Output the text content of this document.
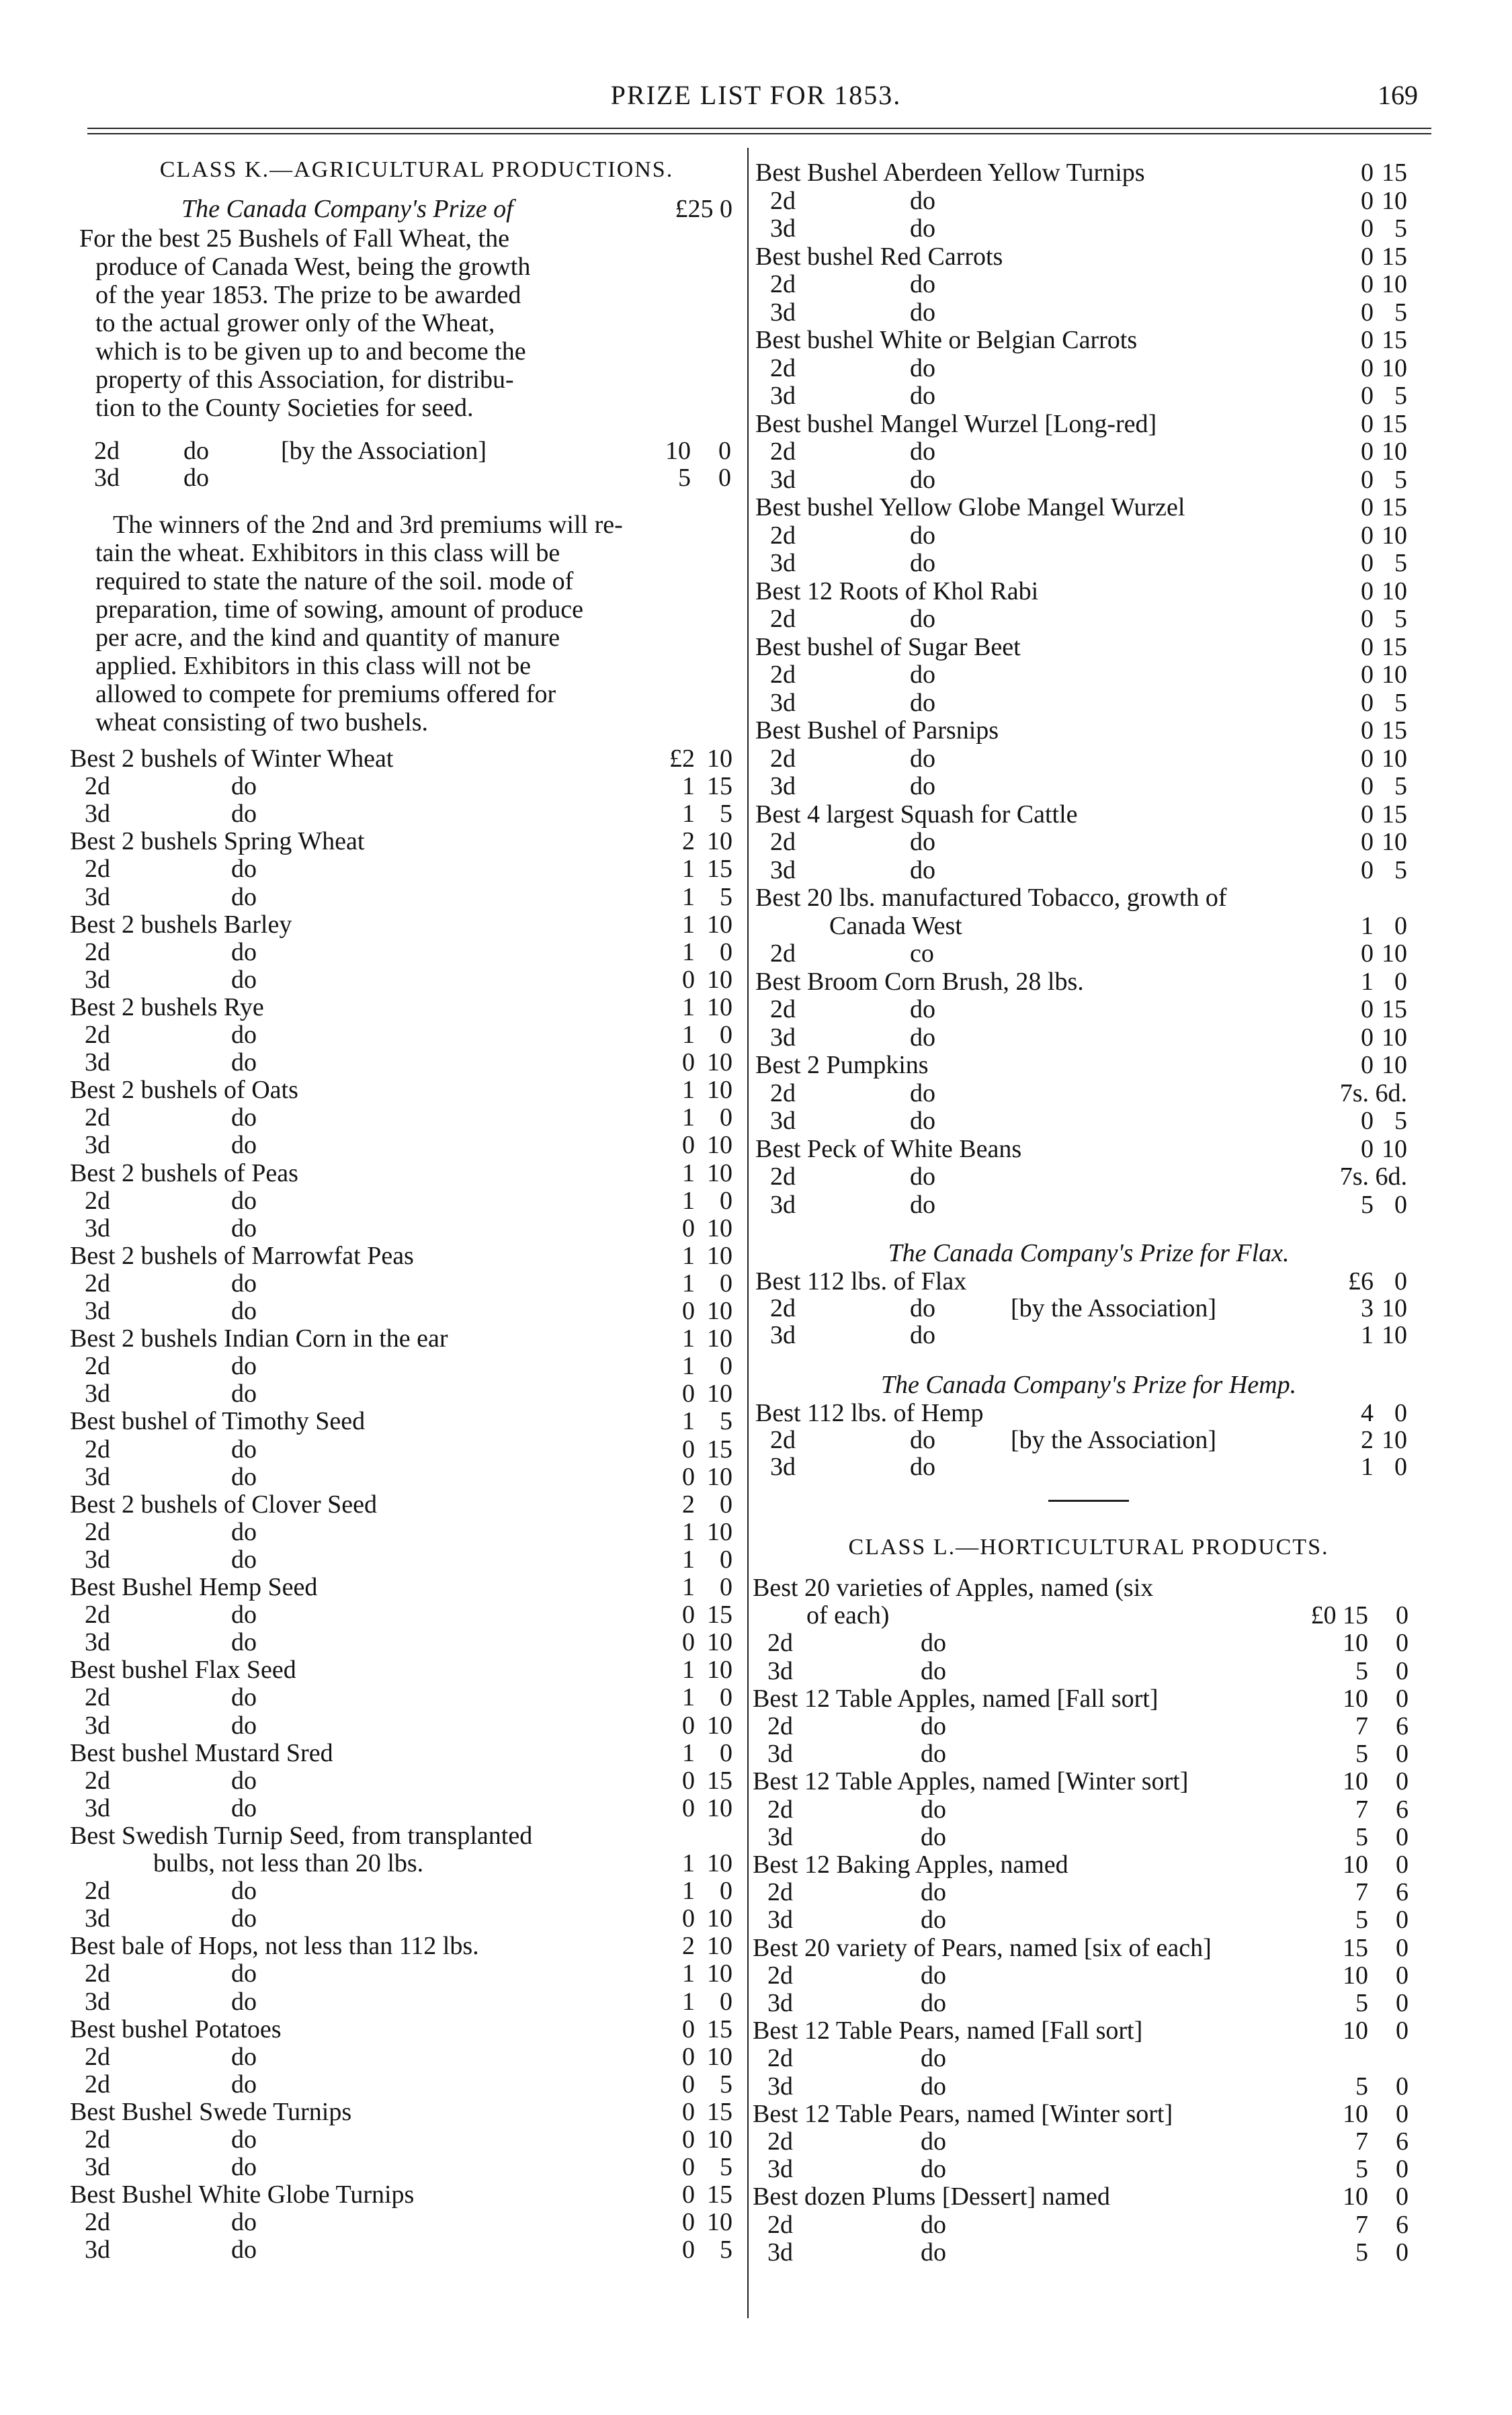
PRIZE LIST FOR 1853.	169
CLASS K.—AGRICULTURAL PRODUCTIONS.
The Canada Company's Prize of	£25 0
For the best 25 Bushels of Fall Wheat, the
produce of Canada West, being the growth
of the year 1853. The prize to be awarded
to the actual grower only of the Wheat,
which is to be given up to and become the
property of this Association, for distribu-
tion to the County Societies for seed.
2d	do	[by the Association]	10 0
3d	do	5 0
The winners of the 2nd and 3rd premiums will re-
tain the wheat. Exhibitors in this class will be
required to state the nature of the soil. mode of
preparation, time of sowing, amount of produce
per acre, and the kind and quantity of manure
applied. Exhibitors in this class will not be
allowed to compete for premiums offered for
wheat consisting of two bushels.
Best 2 bushels of Winter Wheat	£2 10
2d	do	1 15
3d	do	1 5
Best 2 bushels Spring Wheat	2 10
2d	do	1 15
3d	do	1 5
Best 2 bushels Barley	1 10
2d	do	1 0
3d	do	0 10
Best 2 bushels Rye	1 10
2d	do	1 0
3d	do	0 10
Best 2 bushels of Oats	1 10
2d	do	1 0
3d	do	0 10
Best 2 bushels of Peas	1 10
2d	do	1 0
3d	do	0 10
Best 2 bushels of Marrowfat Peas	1 10
2d	do	1 0
3d	do	0 10
Best 2 bushels Indian Corn in the ear	1 10
2d	do	1 0
3d	do	0 10
Best bushel of Timothy Seed	1 5
2d	do	0 15
3d	do	0 10
Best 2 bushels of Clover Seed	2 0
2d	do	1 10
3d	do	1 0
Best Bushel Hemp Seed	1 0
2d	do	0 15
3d	do	0 10
Best bushel Flax Seed	1 10
2d	do	1 0
3d	do	0 10
Best bushel Mustard Sred	1 0
2d	do	0 15
3d	do	0 10
Best Swedish Turnip Seed, from transplanted
bulbs, not less than 20 lbs.	1 10
2d	do	1 0
3d	do	0 10
Best bale of Hops, not less than 112 lbs.	2 10
2d	do	1 10
3d	do	1 0
Best bushel Potatoes	0 15
2d	do	0 10
2d	do	0 5
Best Bushel Swede Turnips	0 15
2d	do	0 10
3d	do	0 5
Best Bushel White Globe Turnips	0 15
2d	do	0 10
3d	do	0 5
Best Bushel Aberdeen Yellow Turnips	0 15
2d	do	0 10
3d	do	0 5
Best bushel Red Carrots	0 15
2d	do	0 10
3d	do	0 5
Best bushel White or Belgian Carrots	0 15
2d	do	0 10
3d	do	0 5
Best bushel Mangel Wurzel [Long-red]	0 15
2d	do	0 10
3d	do	0 5
Best bushel Yellow Globe Mangel Wurzel	0 15
2d	do	0 10
3d	do	0 5
Best 12 Roots of Khol Rabi	0 10
2d	do	0 5
Best bushel of Sugar Beet	0 15
2d	do	0 10
3d	do	0 5
Best Bushel of Parsnips	0 15
2d	do	0 10
3d	do	0 5
Best 4 largest Squash for Cattle	0 15
2d	do	0 10
3d	do	0 5
Best 20 lbs. manufactured Tobacco, growth of
Canada West	1 0
2d	co	0 10
Best Broom Corn Brush, 28 lbs.	1 0
2d	do	0 15
3d	do	0 10
Best 2 Pumpkins	0 10
2d	do	7s. 6d.
3d	do	0 5
Best Peck of White Beans	0 10
2d	do	7s. 6d.
3d	do	5 0
The Canada Company's Prize for Flax.
Best 112 lbs. of Flax	£6 0
2d	do	[by the Association]	3 10
3d	do	1 10
The Canada Company's Prize for Hemp.
Best 112 lbs. of Hemp	4 0
2d	do	[by the Association]	2 10
3d	do	1 0
CLASS L.—HORTICULTURAL PRODUCTS.
Best 20 varieties of Apples, named (six
of each)	£0 15 0
2d	do	10 0
3d	do	5 0
Best 12 Table Apples, named [Fall sort]	10 0
2d	do	7 6
3d	do	5 0
Best 12 Table Apples, named [Winter sort]	10 0
2d	do	7 6
3d	do	5 0
Best 12 Baking Apples, named	10 0
2d	do	7 6
3d	do	5 0
Best 20 variety of Pears, named [six of each]	15 0
2d	do	10 0
3d	do	5 0
Best 12 Table Pears, named [Fall sort]	10 0
2d	do
3d	do	5 0
Best 12 Table Pears, named [Winter sort]	10 0
2d	do	7 6
3d	do	5 0
Best dozen Plums [Dessert] named	10 0
2d	do	7 6
3d	do	5 0
